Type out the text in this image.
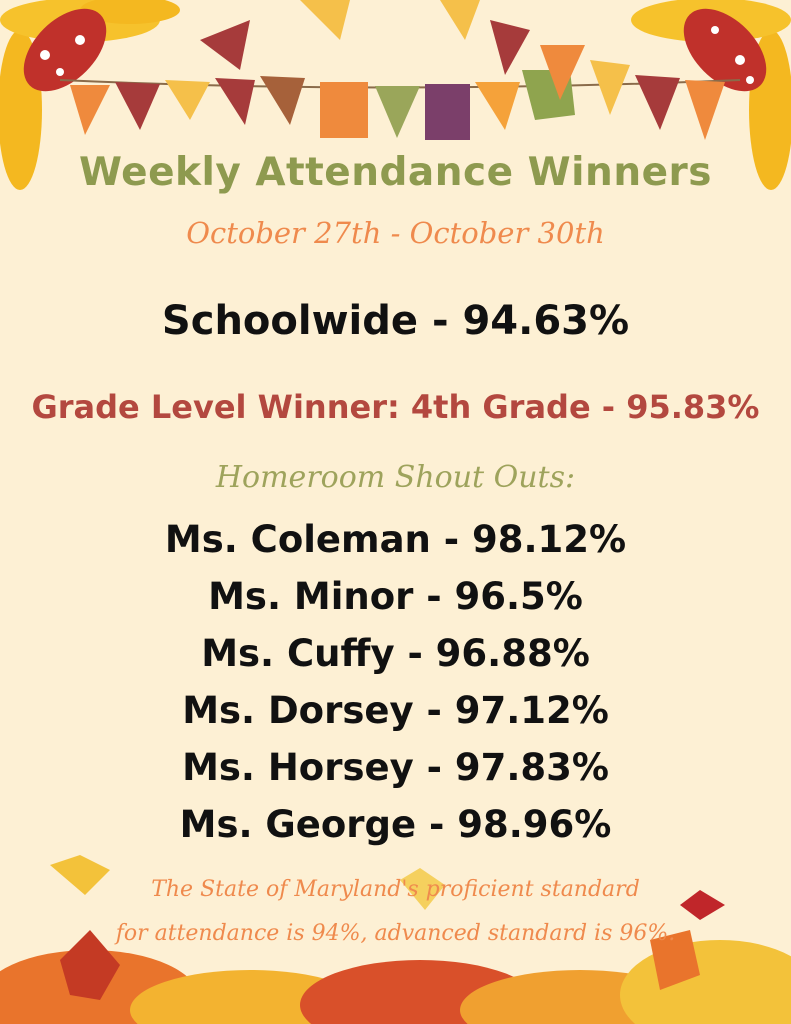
Weekly Attendance Winners
October 27th - October 30th
Schoolwide - 94.63%
Grade Level Winner: 4th Grade - 95.83%
Homeroom Shout Outs:
Ms. Coleman - 98.12%
Ms. Minor - 96.5%
Ms. Cuffy - 96.88%
Ms. Dorsey - 97.12%
Ms. Horsey - 97.83%
Ms. George - 98.96%
The State of Maryland's proficient standard
for attendance is 94%, advanced standard is 96%.
